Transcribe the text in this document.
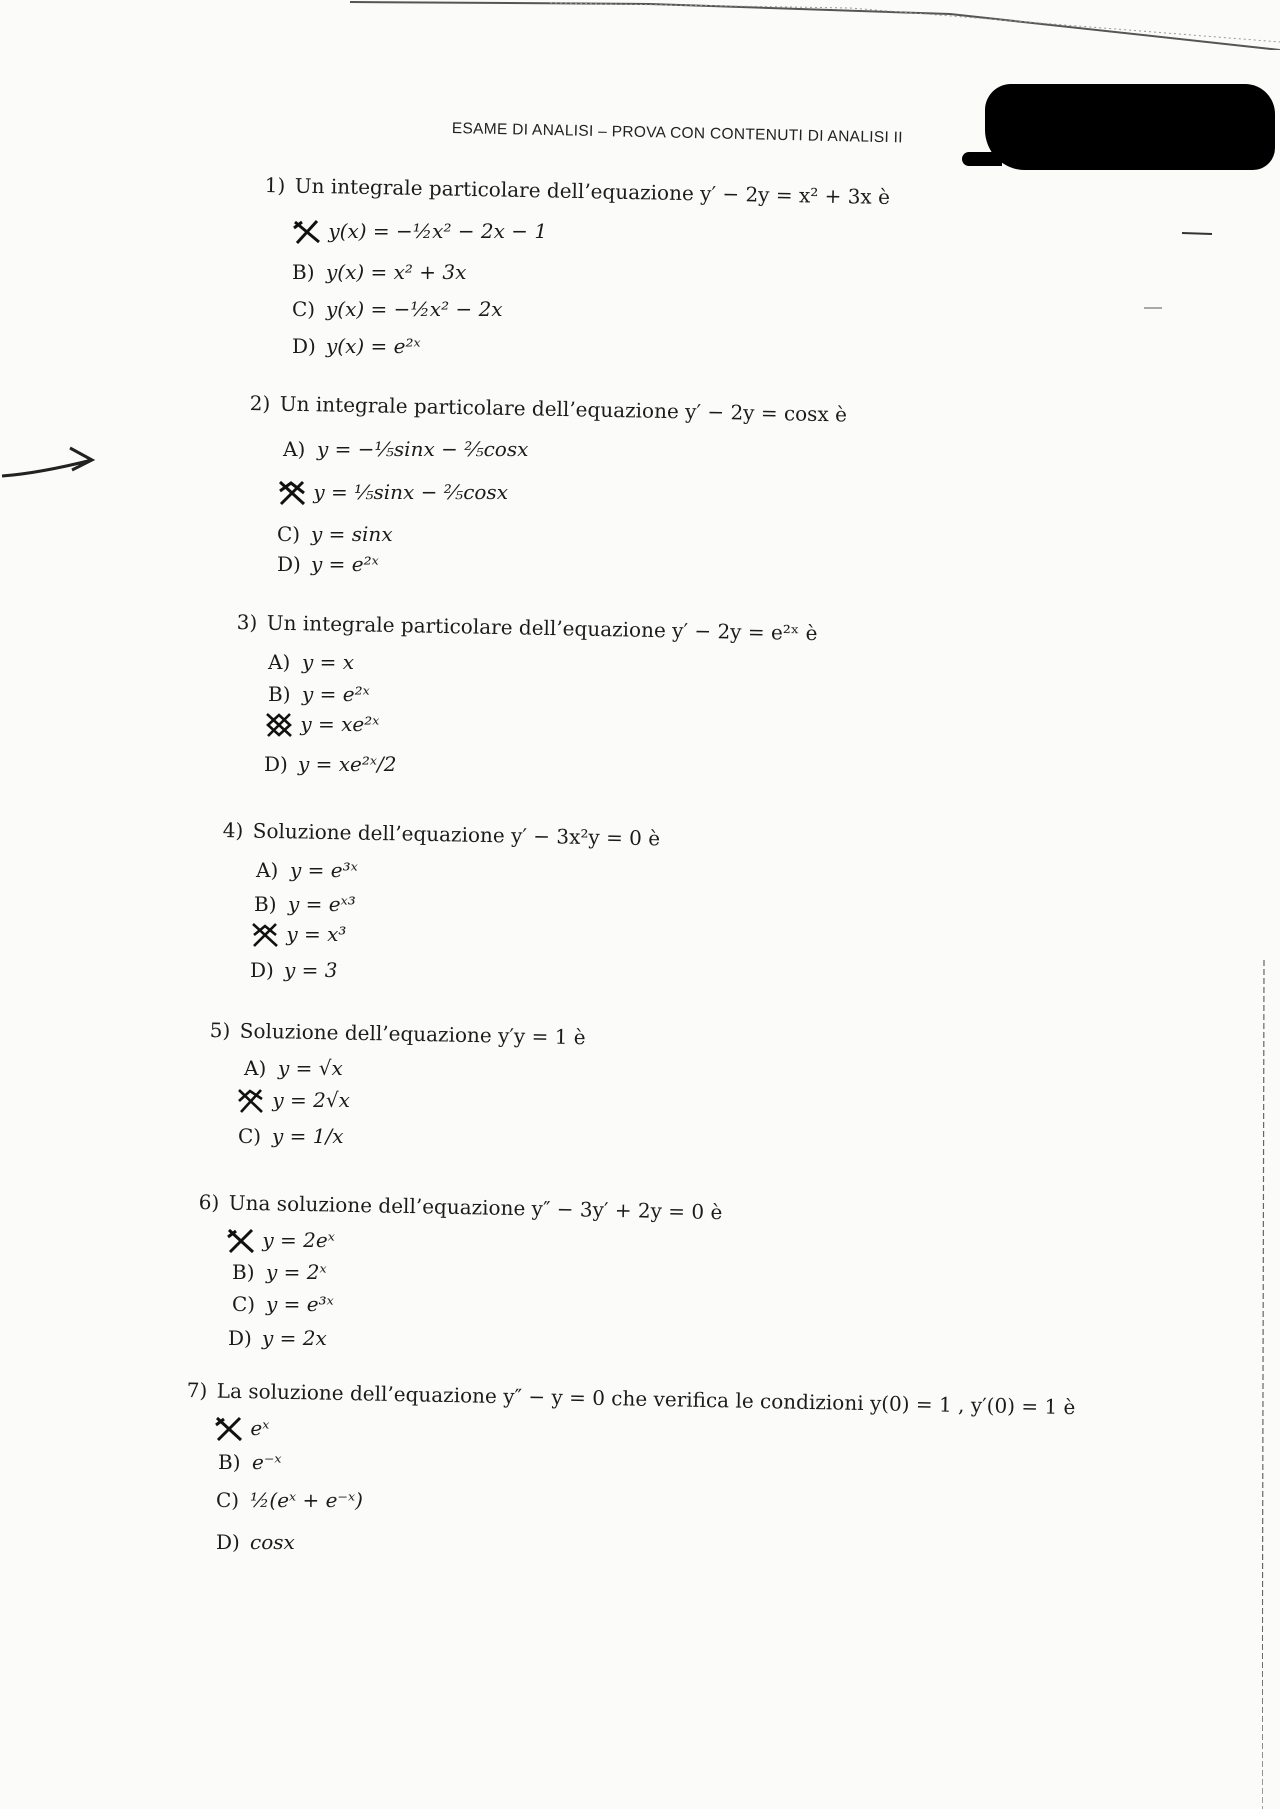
ESAME DI ANALISI – PROVA CON CONTENUTI DI ANALISI II
1) Un integrale particolare dell’equazione y′ − 2y = x² + 3x è
y(x) = −½x² − 2x − 1
B) y(x) = x² + 3x
C) y(x) = −½x² − 2x
D) y(x) = e²ˣ
2) Un integrale particolare dell’equazione y′ − 2y = cosx è
A) y = −⅕sinx − ⅖cosx
y = ⅕sinx − ⅖cosx
C) y = sinx
D) y = e²ˣ
3) Un integrale particolare dell’equazione y′ − 2y = e²ˣ è
A) y = x
B) y = e²ˣ
y = xe²ˣ
D) y = xe²ˣ/2
4) Soluzione dell’equazione y′ − 3x²y = 0 è
A) y = e³ˣ
B) y = eˣ³
y = x³
D) y = 3
5) Soluzione dell’equazione y′y = 1 è
A) y = √x
y = 2√x
C) y = 1/x
6) Una soluzione dell’equazione y″ − 3y′ + 2y = 0 è
y = 2eˣ
B) y = 2ˣ
C) y = e³ˣ
D) y = 2x
7) La soluzione dell’equazione y″ − y = 0 che verifica le condizioni y(0) = 1 , y′(0) = 1 è
eˣ
B) e⁻ˣ
C) ½(eˣ + e⁻ˣ)
D) cosx
